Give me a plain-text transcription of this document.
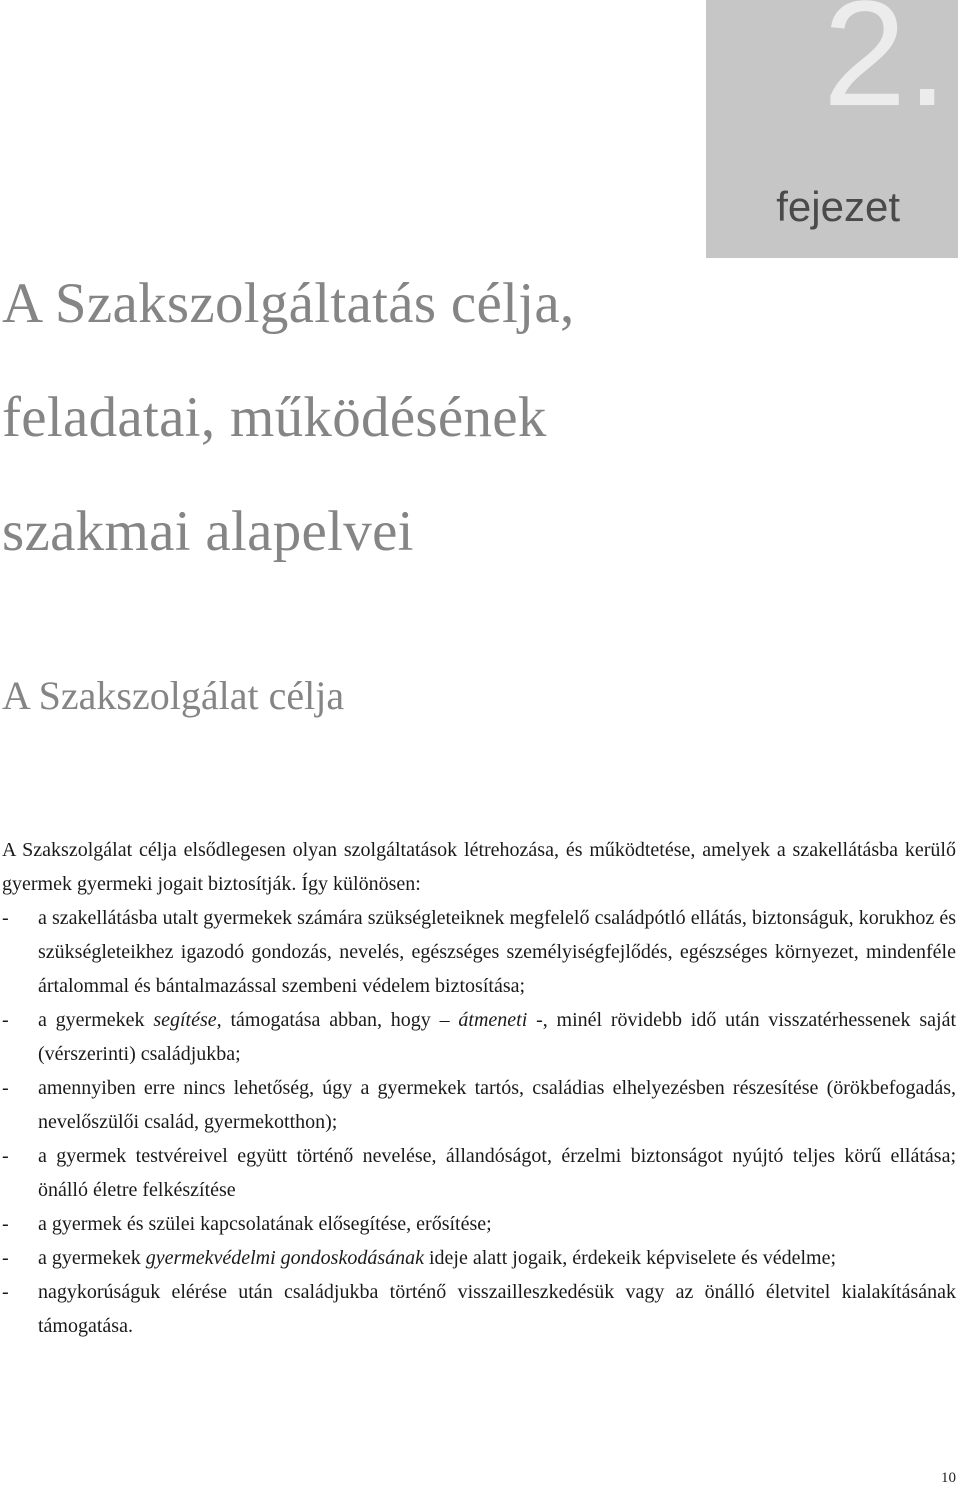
2.
fejezet
A Szakszolgáltatás célja,
feladatai, működésének
szakmai alapelvei
A Szakszolgálat célja

A Szakszolgálat célja elsődlegesen olyan szolgáltatások létrehozása, és működtetése, amelyek a szakellátásba kerülő gyermek gyermeki jogait biztosítják. Így különösen:

- a szakellátásba utalt gyermekek számára szükségleteiknek megfelelő családpótló ellátás, biztonságuk, korukhoz és szükségleteikhez igazodó gondozás, nevelés, egészséges személyiségfejlődés, egészséges környezet, mindenféle ártalommal és bántalmazással szembeni védelem biztosítása;
- a gyermekek segítése, támogatása abban, hogy – átmeneti -, minél rövidebb idő után visszatérhessenek saját (vérszerinti) családjukba;
- amennyiben erre nincs lehetőség, úgy a gyermekek tartós, családias elhelyezésben részesítése (örökbefogadás, nevelőszülői család, gyermekotthon);
- a gyermek testvéreivel együtt történő nevelése, állandóságot, érzelmi biztonságot nyújtó teljes körű ellátása; önálló életre felkészítése
- a gyermek és szülei kapcsolatának elősegítése, erősítése;
- a gyermekek gyermekvédelmi gondoskodásának ideje alatt jogaik, érdekeik képviselete és védelme;
- nagykorúságuk elérése után családjukba történő visszailleszkedésük vagy az önálló életvitel kialakításának támogatása.
10
